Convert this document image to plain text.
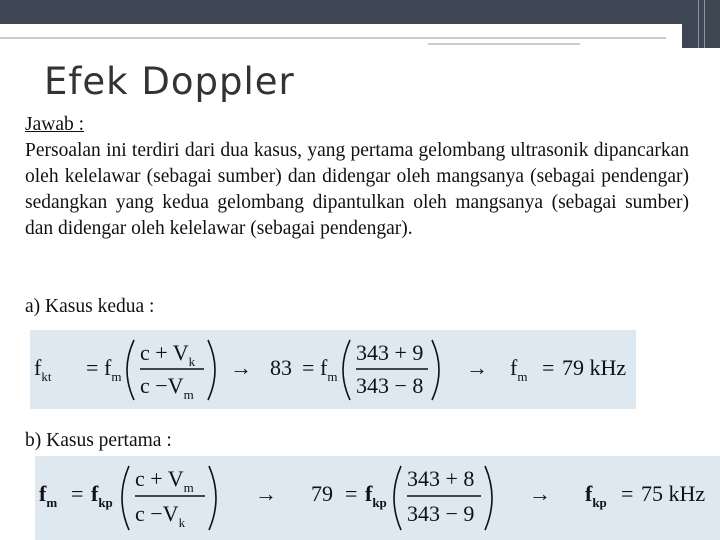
Efek Doppler
Jawab :
Persoalan ini terdiri dari dua kasus, yang pertama gelombang ultrasonik dipancarkan oleh kelelawar (sebagai sumber) dan didengar oleh mangsanya (sebagai pendengar) sedangkan yang kedua gelombang dipantulkan oleh mangsanya (sebagai sumber) dan didengar oleh kelelawar (sebagai pendengar).
a) Kasus kedua :
$f_{kt} = f_m$
$c + V_k$
$c -V_m$
→ $83 = f_m$
343 + 9
343 − 8
→ $f_m = 79$ kHz
b) Kasus pertama :
$f_m = f_{kp}$
$c + V_m$
$c -V_k$
→ $79 = f_{kp}$
343 + 8
343 − 9
→ $f_{kp} = 75$ kHz
